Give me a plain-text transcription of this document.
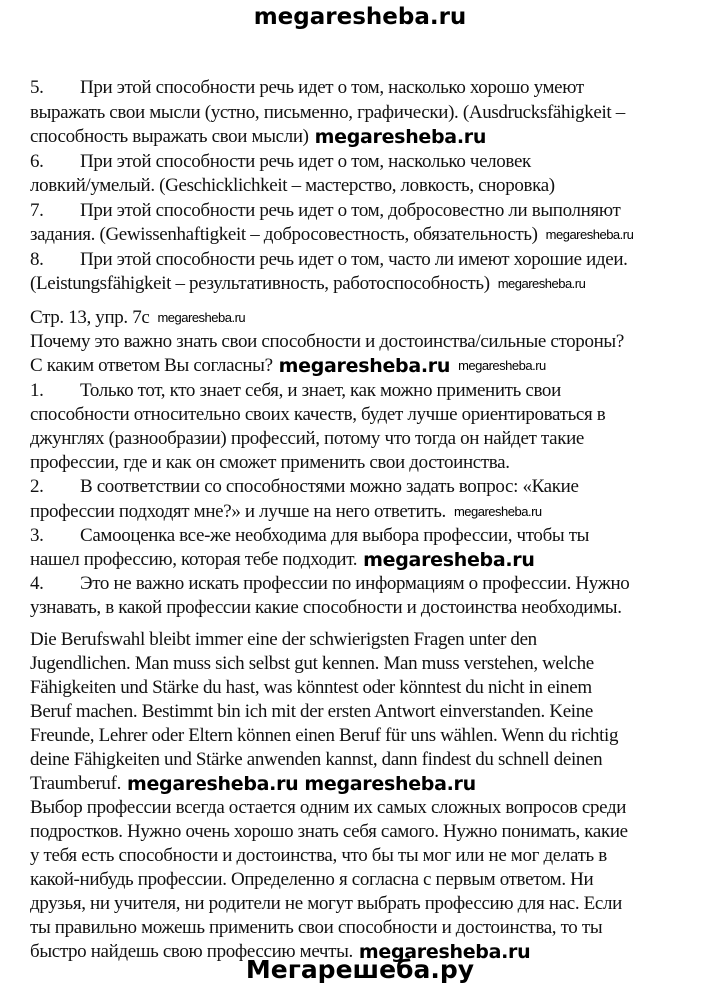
megaresheba.ru
5. При этой способности речь идет о том, насколько хорошо умеют
выражать свои мысли (устно, письменно, графически). (Ausdrucksfähigkeit –
способность выражать свои мысли) megaresheba.ru
6. При этой способности речь идет о том, насколько человек
ловкий/умелый. (Geschicklichkeit – мастерство, ловкость, сноровка)
7. При этой способности речь идет о том, добросовестно ли выполняют
задания. (Gewissenhaftigkeit – добросовестность, обязательность) megaresheba.ru
8. При этой способности речь идет о том, часто ли имеют хорошие идеи.
(Leistungsfähigkeit – результативность, работоспособность) megaresheba.ru
Стр. 13, упр. 7c megaresheba.ru
Почему это важно знать свои способности и достоинства/сильные стороны?
С каким ответом Вы согласны? megaresheba.ru megaresheba.ru
1. Только тот, кто знает себя, и знает, как можно применить свои
способности относительно своих качеств, будет лучше ориентироваться в
джунглях (разнообразии) профессий, потому что тогда он найдет такие
профессии, где и как он сможет применить свои достоинства.
2. В соответствии со способностями можно задать вопрос: «Какие
профессии подходят мне?» и лучше на него ответить. megaresheba.ru
3. Самооценка все-же необходима для выбора профессии, чтобы ты
нашел профессию, которая тебе подходит. megaresheba.ru
4. Это не важно искать профессии по информациям о профессии. Нужно
узнавать, в какой профессии какие способности и достоинства необходимы.
Die Berufswahl bleibt immer eine der schwierigsten Fragen unter den
Jugendlichen. Man muss sich selbst gut kennen. Man muss verstehen, welche
Fähigkeiten und Stärke du hast, was könntest oder könntest du nicht in einem
Beruf machen. Bestimmt bin ich mit der ersten Antwort einverstanden. Keine
Freunde, Lehrer oder Eltern können einen Beruf für uns wählen. Wenn du richtig
deine Fähigkeiten und Stärke anwenden kannst, dann findest du schnell deinen
Traumberuf. megaresheba.ru megaresheba.ru
Выбор профессии всегда остается одним их самых сложных вопросов среди
подростков. Нужно очень хорошо знать себя самого. Нужно понимать, какие
у тебя есть способности и достоинства, что бы ты мог или не мог делать в
какой-нибудь профессии. Определенно я согласна с первым ответом. Ни
друзья, ни учителя, ни родители не могут выбрать профессию для нас. Если
ты правильно можешь применить свои способности и достоинства, то ты
быстро найдешь свою профессию мечты. megaresheba.ru
Мегарешеба.ру
